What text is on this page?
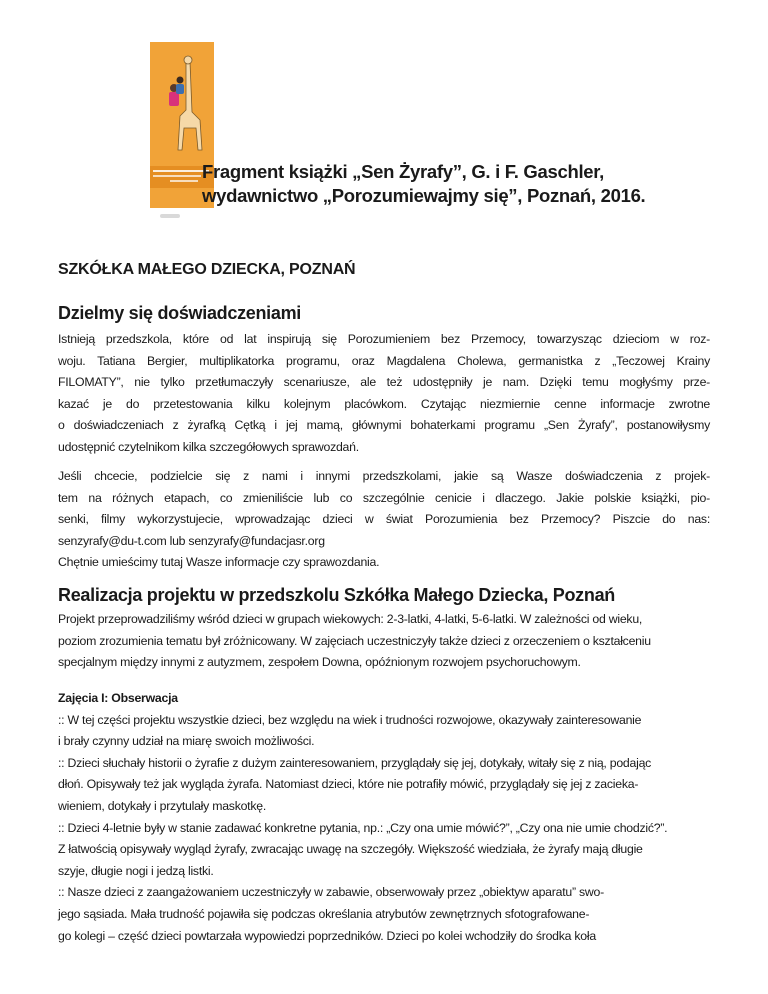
Fragment książki „Sen Żyrafy”, G. i F. Gaschler,
wydawnictwo „Porozumiewajmy się”, Poznań, 2016.
SZKÓŁKA MAŁEGO DZIECKA, POZNAŃ
Dzielmy się doświadczeniami
Istnieją przedszkola, które od lat inspirują się Porozumieniem bez Przemocy, towarzysząc dzieciom w roz-
woju. Tatiana Bergier, multiplikatorka programu, oraz Magdalena Cholewa, germanistka z „Teczowej Krainy
FILOMATY”, nie tylko przetłumaczyły scenariusze, ale też udostępniły je nam. Dzięki temu mogłyśmy prze-
kazać je do przetestowania kilku kolejnym placówkom. Czytając niezmiernie cenne informacje zwrotne
o doświadczeniach z żyrafką Cętką i jej mamą, głównymi bohaterkami programu „Sen Żyrafy”, postanowiłysmy
udostępnić czytelnikom kilka szczegółowych sprawozdań.
Jeśli chcecie, podzielcie się z nami i innymi przedszkolami, jakie są Wasze doświadczenia z projek-
tem na różnych etapach, co zmieniliście lub co szczególnie cenicie i dlaczego. Jakie polskie książki, pio-
senki, filmy wykorzystujecie, wprowadzając dzieci w świat Porozumienia bez Przemocy? Piszcie do nas:
senzyrafy@du-t.com lub senzyrafy@fundacjasr.org
Chętnie umieścimy tutaj Wasze informacje czy sprawozdania.
Realizacja projektu w przedszkolu Szkółka Małego Dziecka, Poznań
Projekt przeprowadziliśmy wśród dzieci w grupach wiekowych: 2-3-latki, 4-latki, 5-6-latki. W zależności od wieku,
poziom zrozumienia tematu był zróżnicowany. W zajęciach uczestniczyły także dzieci z orzeczeniem o kształceniu
specjalnym między innymi z autyzmem, zespołem Downa, opóźnionym rozwojem psychoruchowym.
Zajęcia I: Obserwacja
:: W tej części projektu wszystkie dzieci, bez względu na wiek i trudności rozwojowe, okazywały zainteresowanie
i brały czynny udział na miarę swoich możliwości.
:: Dzieci słuchały historii o żyrafie z dużym zainteresowaniem, przyglądały się jej, dotykały, witały się z nią, podając
dłoń. Opisywały też jak wygląda żyrafa. Natomiast dzieci, które nie potrafiły mówić, przyglądały się jej z zacieka-
wieniem, dotykały i przytulały maskotkę.
:: Dzieci 4-letnie były w stanie zadawać konkretne pytania, np.: „Czy ona umie mówić?”, „Czy ona nie umie chodzić?”.
Z łatwością opisywały wygląd żyrafy, zwracając uwagę na szczegóły. Większość wiedziała, że żyrafy mają długie
szyje, długie nogi i jedzą listki.
:: Nasze dzieci z zaangażowaniem uczestniczyły w zabawie, obserwowały przez „obiektyw aparatu” swo-
jego sąsiada. Mała trudność pojawiła się podczas określania atrybutów zewnętrznych sfotografowane-
go kolegi – część dzieci powtarzała wypowiedzi poprzedników. Dzieci po kolei wchodziły do środka koła
